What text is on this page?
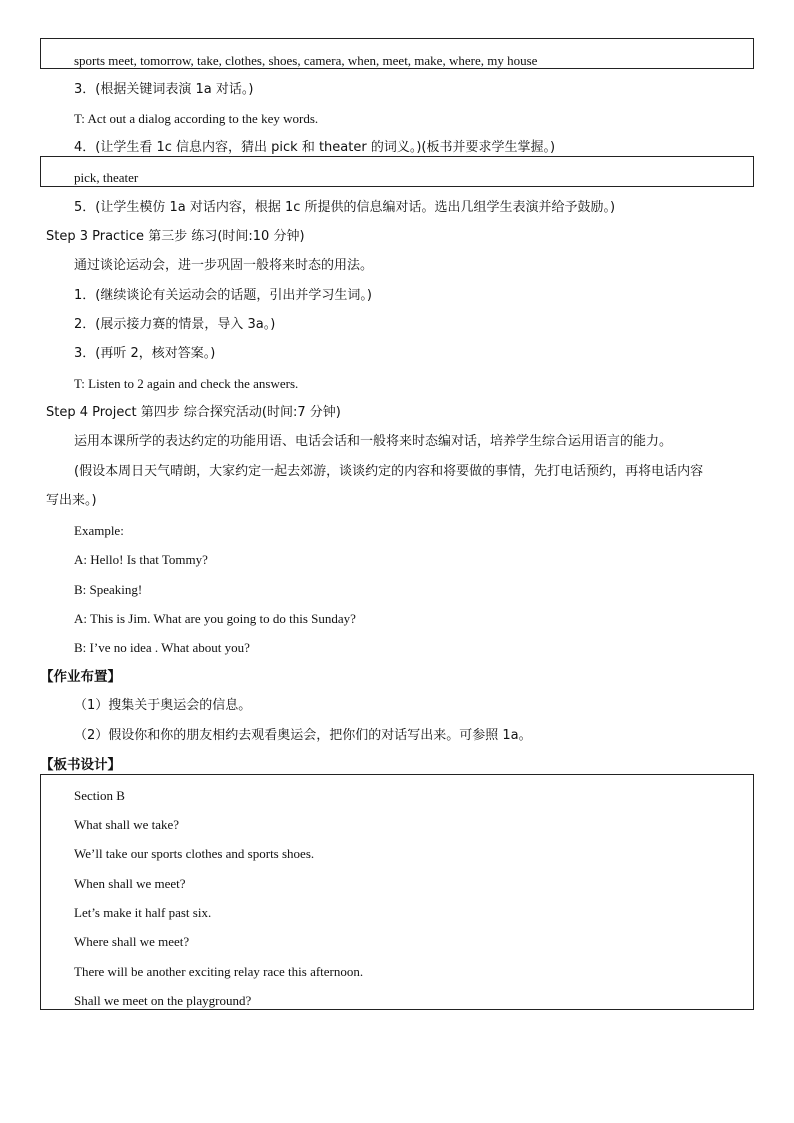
sports meet, tomorrow, take, clothes, shoes, camera, when, meet, make, where, my house
3．(根据关键词表演 1a 对话。)
T: Act out a dialog according to the key words.
4．(让学生看 1c 信息内容，猜出 pick 和 theater 的词义。)(板书并要求学生掌握。)
pick, theater
5．(让学生模仿 1a 对话内容，根据 1c 所提供的信息编对话。选出几组学生表演并给予鼓励。)
Step 3 Practice 第三步 练习(时间:10 分钟)
通过谈论运动会，进一步巩固一般将来时态的用法。
1．(继续谈论有关运动会的话题，引出并学习生词。)
2．(展示接力赛的情景，导入 3a。)
3．(再听 2，核对答案。)
T: Listen to 2 again and check the answers.
Step 4 Project 第四步 综合探究活动(时间:7 分钟)
运用本课所学的表达约定的功能用语、电话会话和一般将来时态编对话，培养学生综合运用语言的能力。
(假设本周日天气晴朗，大家约定一起去郊游，谈谈约定的内容和将要做的事情，先打电话预约，再将电话内容
写出来。)
Example:
A: Hello! Is that Tommy?
B: Speaking!
A: This is Jim. What are you going to do this Sunday?
B: I’ve no idea . What about you?
【作业布置】
（1）搜集关于奥运会的信息。
（2）假设你和你的朋友相约去观看奥运会，把你们的对话写出来。可参照 1a。
【板书设计】
Section B
What shall we take?
We’ll take our sports clothes and sports shoes.
When shall we meet?
Let’s make it half past six.
Where shall we meet?
There will be another exciting relay race this afternoon.
Shall we meet on the playground?
